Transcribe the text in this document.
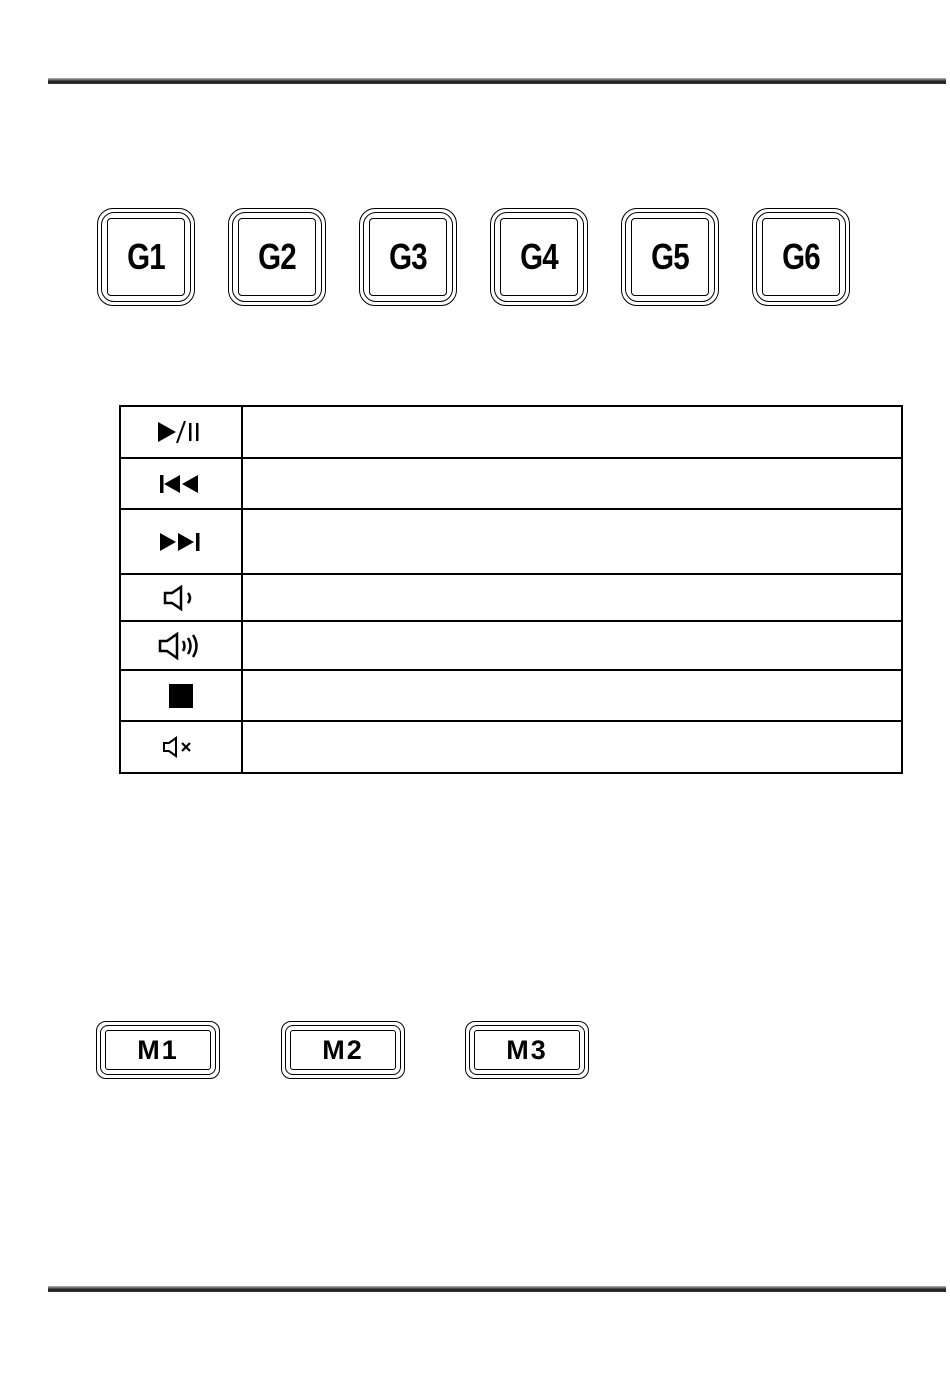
G1	G2	G3	G4	G5	G6

M1	M2	M3
